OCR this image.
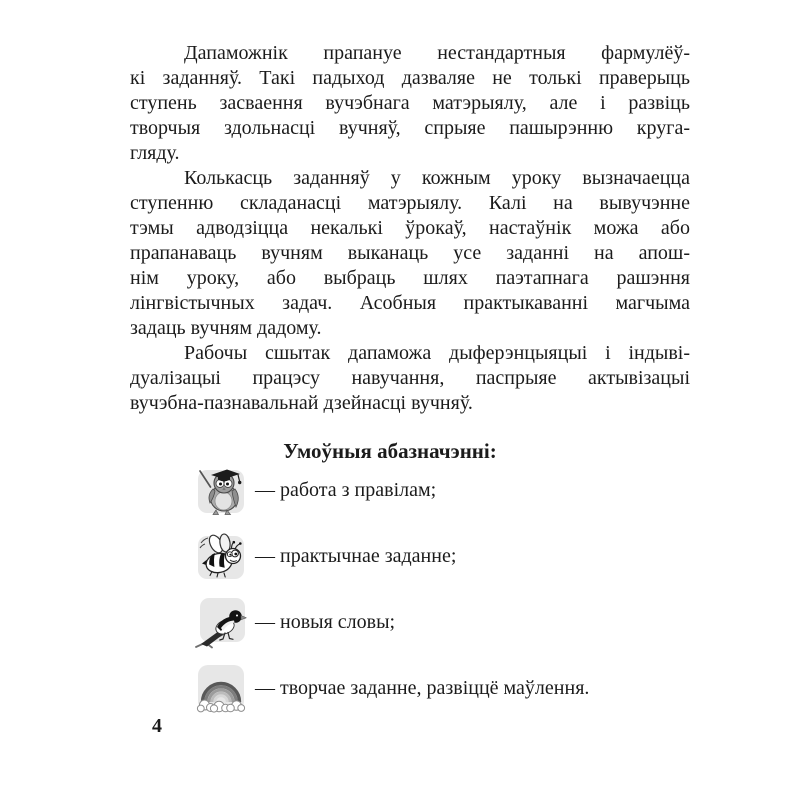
Дапаможнік прапануе нестандартныя фармулёў-
кі заданняў. Такі падыход дазваляе не толькі праверыць
ступень засваення вучэбнага матэрыялу, але і развіць
творчыя здольнасці вучняў, спрыяе пашырэнню круга-
гляду.
Колькасць заданняў у кожным уроку вызначаецца
ступенню складанасці матэрыялу. Калі на вывучэнне
тэмы адводзіцца некалькі ўрокаў, настаўнік можа або
прапанаваць вучням выканаць усе заданні на апош-
нім уроку, або выбраць шлях паэтапнага рашэння
лінгвістычных задач. Асобныя практыкаванні магчыма
задаць вучням дадому.
Рабочы сшытак дапаможа дыферэнцыяцыі і індыві-
дуалізацыі працэсу навучання, паспрыяе актывізацыі
вучэбна-пазнавальнай дзейнасці вучняў.
Умоўныя абазначэнні:
— работа з правілам;
— практычнае заданне;
— новыя словы;
— творчае заданне, развіццё маўлення.
4
